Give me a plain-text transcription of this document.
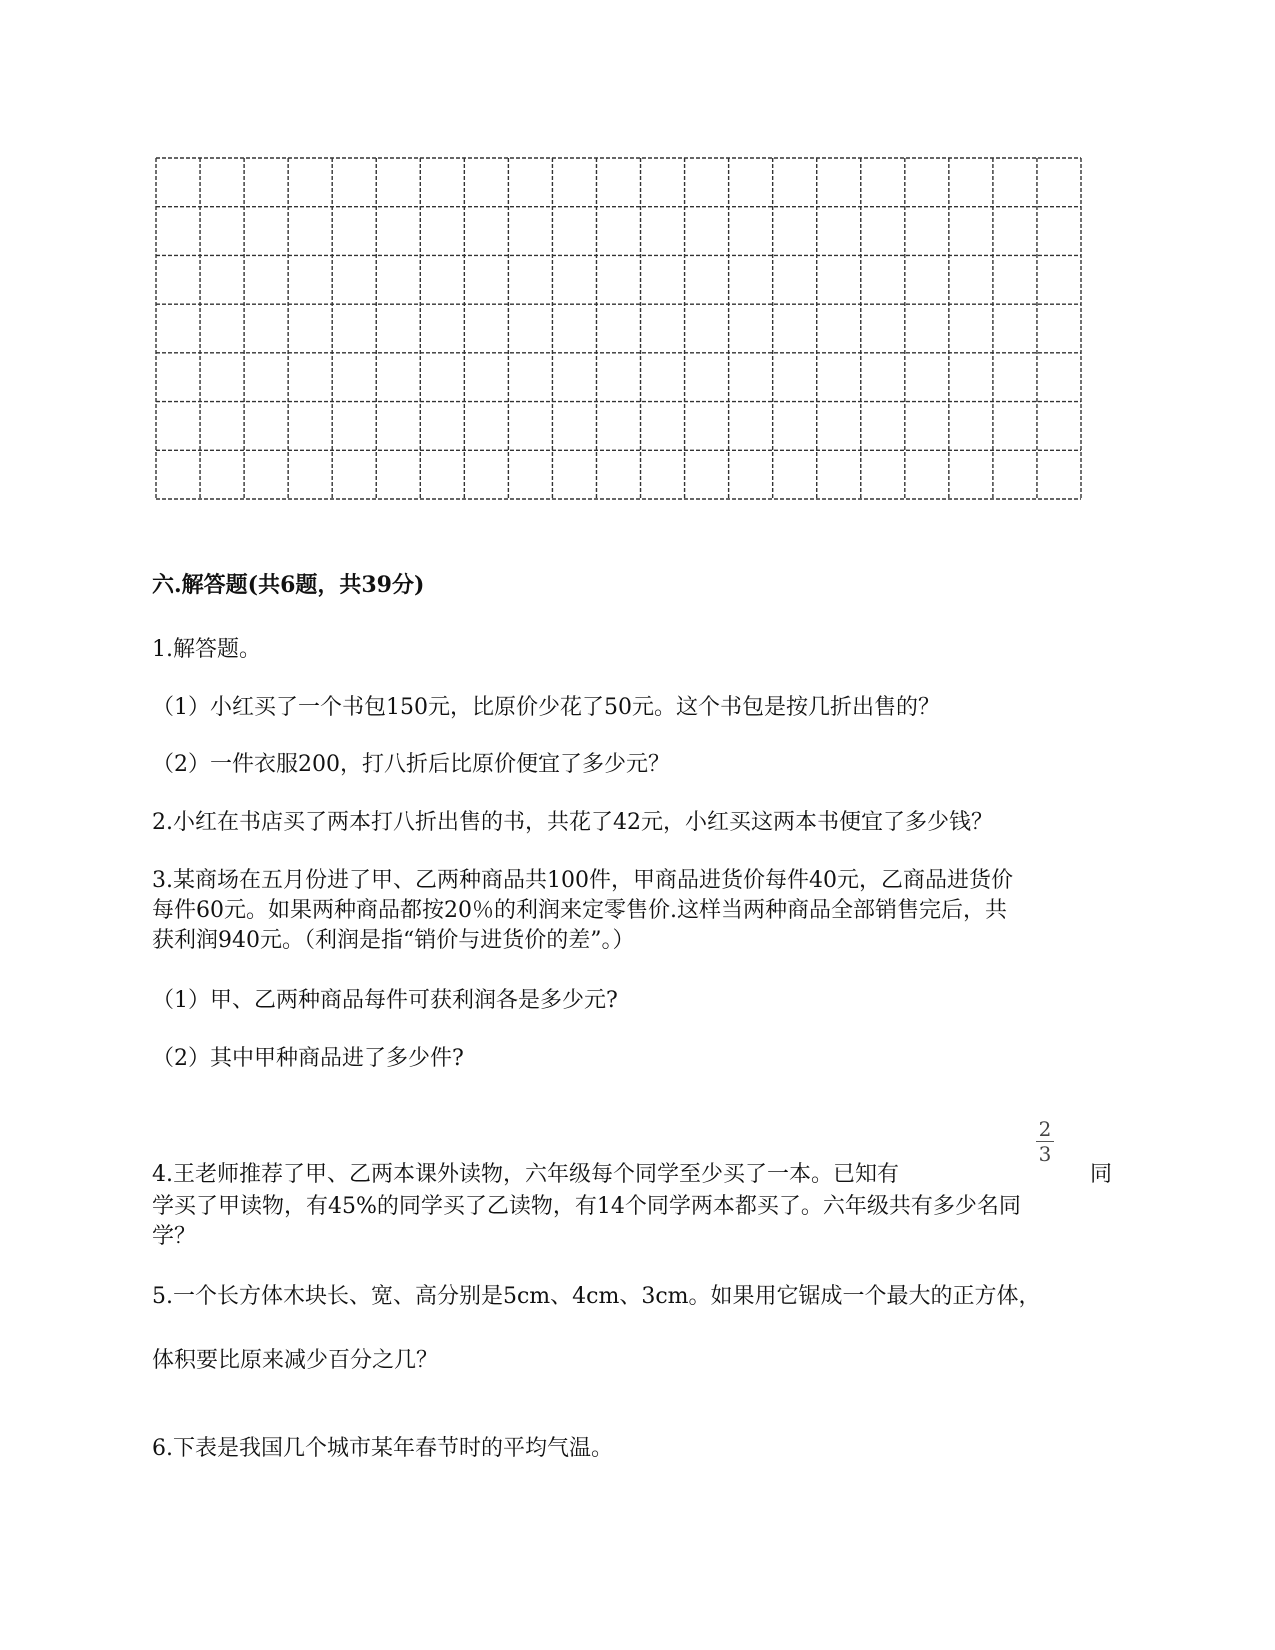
六.解答题(共6题，共39分)

1.解答题。

（1）小红买了一个书包150元，比原价少花了50元。这个书包是按几折出售的？

（2）一件衣服200，打八折后比原价便宜了多少元？

2.小红在书店买了两本打八折出售的书，共花了42元，小红买这两本书便宜了多少钱？

3.某商场在五月份进了甲、乙两种商品共100件，甲商品进货价每件40元，乙商品进货价

每件60元。如果两种商品都按20％的利润来定零售价.这样当两种商品全部销售完后，共

获利润940元。（利润是指“销价与进货价的差”。）

（1）甲、乙两种商品每件可获利润各是多少元?

（2）其中甲种商品进了多少件?

4.王老师推荐了甲、乙两本课外读物，六年级每个同学至少买了一本。已知有

2
3
同

学买了甲读物，有45%的同学买了乙读物，有14个同学两本都买了。六年级共有多少名同

学？

5.一个长方体木块长、宽、高分别是5cm、4cm、3cm。如果用它锯成一个最大的正方体，

体积要比原来减少百分之几？

6.下表是我国几个城市某年春节时的平均气温。
